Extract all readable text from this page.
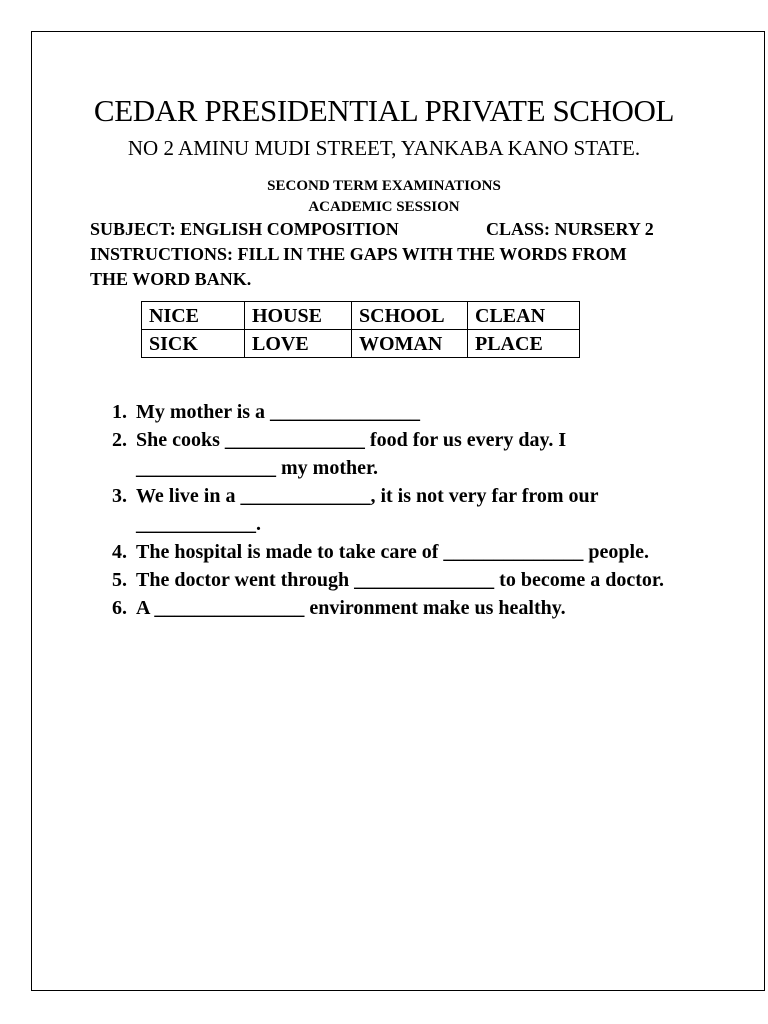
CEDAR PRESIDENTIAL PRIVATE SCHOOL
NO 2 AMINU MUDI STREET, YANKABA KANO STATE.
SECOND TERM EXAMINATIONS
ACADEMIC SESSION
SUBJECT: ENGLISH COMPOSITION	CLASS: NURSERY 2
INSTRUCTIONS: FILL IN THE GAPS WITH THE WORDS FROM THE WORD BANK.
NICE	HOUSE	SCHOOL	CLEAN
SICK	LOVE	WOMAN	PLACE
1. My mother is a _______________
2. She cooks ______________ food for us every day. I ______________ my mother.
3. We live in a _____________, it is not very far from our ____________.
4. The hospital is made to take care of ______________ people.
5. The doctor went through ______________ to become a doctor.
6. A _______________ environment make us healthy.
